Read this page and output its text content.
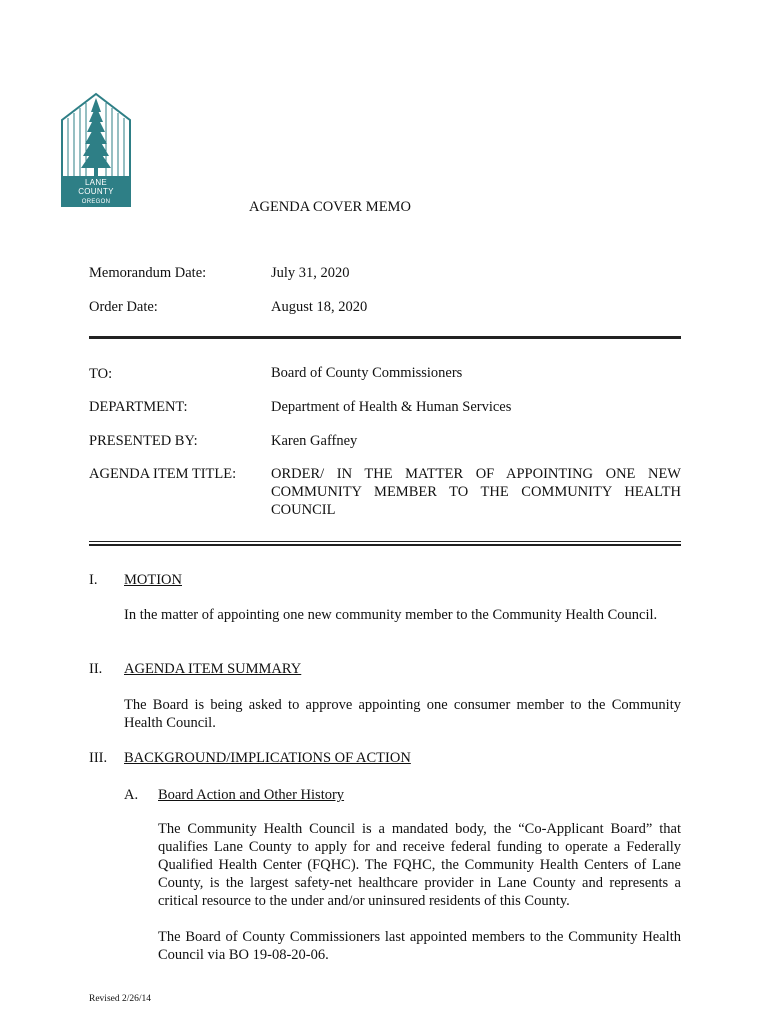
LANE
COUNTY
OREGON	AGENDA COVER MEMO
Memorandum Date:	July 31, 2020
Order Date:	August 18, 2020
TO:	Board of County Commissioners
DEPARTMENT:	Department of Health & Human Services
PRESENTED BY:	Karen Gaffney
AGENDA ITEM TITLE: ORDER/ IN THE MATTER OF APPOINTING ONE NEW COMMUNITY MEMBER TO THE COMMUNITY HEALTH COUNCIL
I. MOTION
In the matter of appointing one new community member to the Community Health Council.
II. AGENDA ITEM SUMMARY
The Board is being asked to approve appointing one consumer member to the Community Health Council.
III. BACKGROUND/IMPLICATIONS OF ACTION
A. Board Action and Other History
The Community Health Council is a mandated body, the “Co-Applicant Board” that qualifies Lane County to apply for and receive federal funding to operate a Federally Qualified Health Center (FQHC). The FQHC, the Community Health Centers of Lane County, is the largest safety-net healthcare provider in Lane County and represents a critical resource to the under and/or uninsured residents of this County.
The Board of County Commissioners last appointed members to the Community Health Council via BO 19-08-20-06.
Revised 2/26/14
